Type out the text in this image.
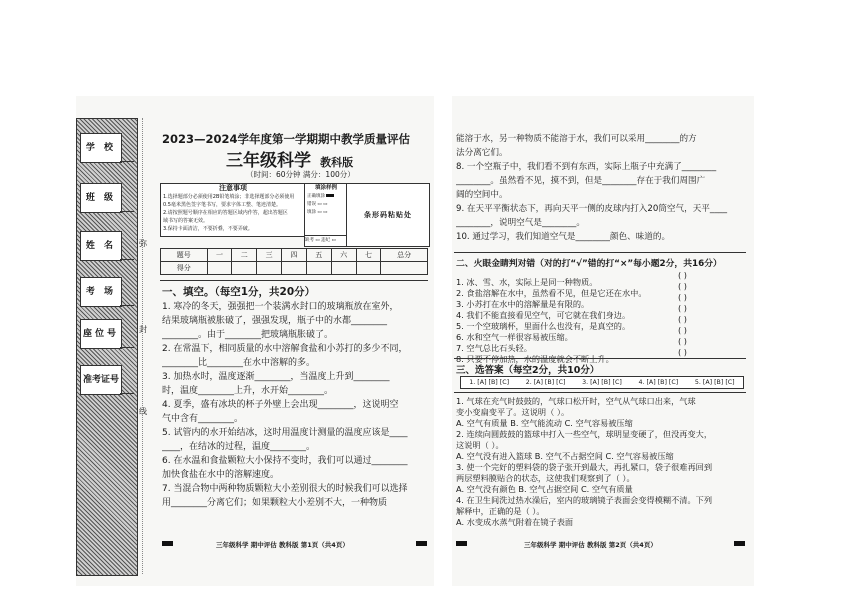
学 校
班 级
姓 名
考 场
座位号
准考证号
弥
封
线
2023—2024学年度第一学期期中教学质量评估
三年级科学 教科版
（时间：60分钟 满分：100分）
注意事项
1.选择题部分必须使用2B铅笔填涂；非选择题部分必须使用
0.5毫米黑色签字笔书写，要求字体工整、笔迹清楚。
2.请按照题号顺序在相应的答题区域内作答，超出答题区
域书写的答案无效。
3.保持卡面清洁，不要折叠，不要弄破。
填涂样例
正确填涂
错误 ▭ ▭
填涂 ▭ ▭
缺考 ▭ 违纪 ▭
条形码粘贴处
题号	一	二	三	四	五	六	七	总分
得分								
一、填空。（每空1分，共20分）
1. 寒冷的冬天，强强把一个装满水封口的玻璃瓶放在室外，
结果玻璃瓶被胀破了，强强发现，瓶子中的水都________
________。由于________把玻璃瓶胀破了。
2. 在常温下，相同质量的水中溶解食盐和小苏打的多少不同，
________比________在水中溶解的多。
3. 加热水时，温度逐渐________，当温度上升到________
时，温度________上升，水开始________。
4. 夏季，盛有冰块的杯子外壁上会出现________，这说明空
气中含有________。
5. 试管内的水开始结冰，这时用温度计测量的温度应该是____
____，在结冰的过程，温度________。
6. 在水温和食盐颗粒大小保持不变时，我们可以通过________
加快食盐在水中的溶解速度。
7. 当混合物中两种物质颗粒大小差别很大的时候我们可以选择
用________分离它们；如果颗粒大小差别不大，一种物质
三年级科学 期中评估 教科版 第1页（共4页）
能溶于水，另一种物质不能溶于水，我们可以采用________的方
法分离它们。
8. 一个空瓶子中，我们看不到有东西，实际上瓶子中充满了________
________。虽然看不见，摸不到，但是________存在于我们周围广
阔的空间中。
9. 在天平平衡状态下，再向天平一侧的皮球内打入20筒空气，天平____
________，说明空气是________。
10. 通过学习，我们知道空气是________颜色、味道的。
二、火眼金睛判对错（对的打“√”错的打“×”每小题2分，共16分）
1. 冰、雪、水，实际上是同一种物质。
( )
2. 食盐溶解在水中，虽然看不见，但是它还在水中。
( )
3. 小苏打在水中的溶解量是有限的。
( )
4. 我们不能直接看见空气，可它就在我们身边。
( )
5. 一个空玻璃杯，里面什么也没有，是真空的。
( )
6. 水和空气一样很容易被压缩。
( )
7. 空气总比石头轻。
( )
8. 只要不停加热，水的温度就会不断上升。
( )
三、选答案（每空2分，共10分）
1. [A] [B] [C]	2. [A] [B] [C]	3. [A] [B] [C]	4. [A] [B] [C]	5. [A] [B] [C]
1. 气球在充气时鼓鼓的，气球口松开时，空气从气球口出来，气球
变小变扁变平了。这说明（ ）。
A. 空气有质量 B. 空气能流动 C. 空气容易被压缩
2. 连续向圆鼓鼓的篮球中打入一些空气，球明显变硬了，但没再变大，
这说明（ ）。
A. 空气没有进入篮球 B. 空气不占据空间 C. 空气容易被压缩
3. 使一个完好的塑料袋的袋子张开到最大，再扎紧口，袋子很难再回到
两层塑料膜贴合的状态，这使我们观察到了（ ）。
A. 空气没有颜色 B. 空气占据空间 C. 空气有质量
4. 在卫生间洗过热水澡后，室内的玻璃镜子表面会变得模糊不清。下列
解释中，正确的是（ ）。
A. 水变成水蒸气附着在镜子表面
三年级科学 期中评估 教科版 第2页（共4页）
